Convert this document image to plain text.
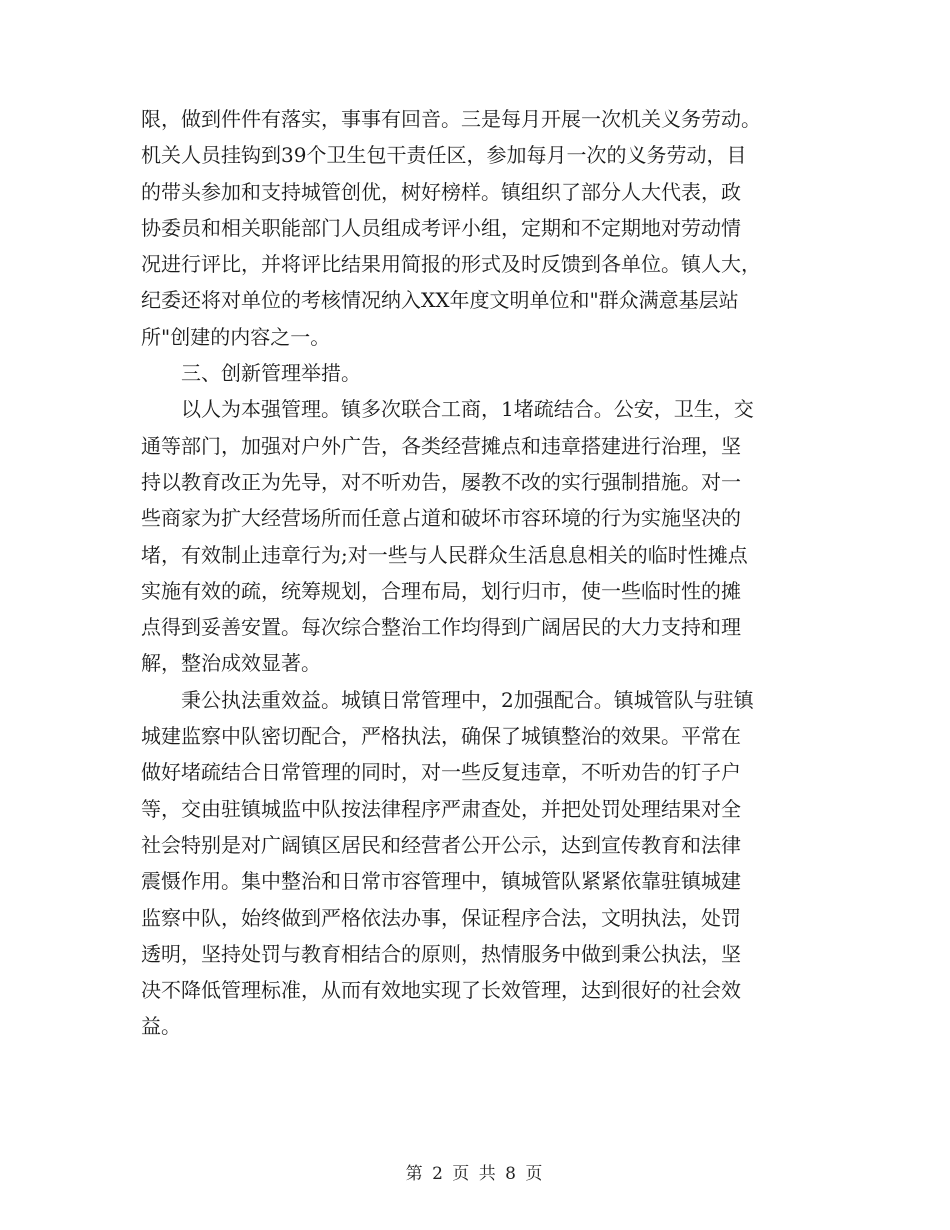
限，做到件件有落实，事事有回音。三是每月开展一次机关义务劳动。
机关人员挂钩到39个卫生包干责任区，参加每月一次的义务劳动，目
的带头参加和支持城管创优，树好榜样。镇组织了部分人大代表，政
协委员和相关职能部门人员组成考评小组，定期和不定期地对劳动情
况进行评比，并将评比结果用简报的形式及时反馈到各单位。镇人大，
纪委还将对单位的考核情况纳入XX年度文明单位和"群众满意基层站
所"创建的内容之一。
三、创新管理举措。
以人为本强管理。镇多次联合工商，1堵疏结合。公安，卫生，交
通等部门，加强对户外广告，各类经营摊点和违章搭建进行治理，坚
持以教育改正为先导，对不听劝告，屡教不改的实行强制措施。对一
些商家为扩大经营场所而任意占道和破坏市容环境的行为实施坚决的
堵，有效制止违章行为;对一些与人民群众生活息息相关的临时性摊点
实施有效的疏，统筹规划，合理布局，划行归市，使一些临时性的摊
点得到妥善安置。每次综合整治工作均得到广阔居民的大力支持和理
解，整治成效显著。
秉公执法重效益。城镇日常管理中，2加强配合。镇城管队与驻镇
城建监察中队密切配合，严格执法，确保了城镇整治的效果。平常在
做好堵疏结合日常管理的同时，对一些反复违章，不听劝告的钉子户
等，交由驻镇城监中队按法律程序严肃查处，并把处罚处理结果对全
社会特别是对广阔镇区居民和经营者公开公示，达到宣传教育和法律
震慑作用。集中整治和日常市容管理中，镇城管队紧紧依靠驻镇城建
监察中队，始终做到严格依法办事，保证程序合法，文明执法，处罚
透明，坚持处罚与教育相结合的原则，热情服务中做到秉公执法，坚
决不降低管理标准，从而有效地实现了长效管理，达到很好的社会效
益。
第 2 页 共 8 页
